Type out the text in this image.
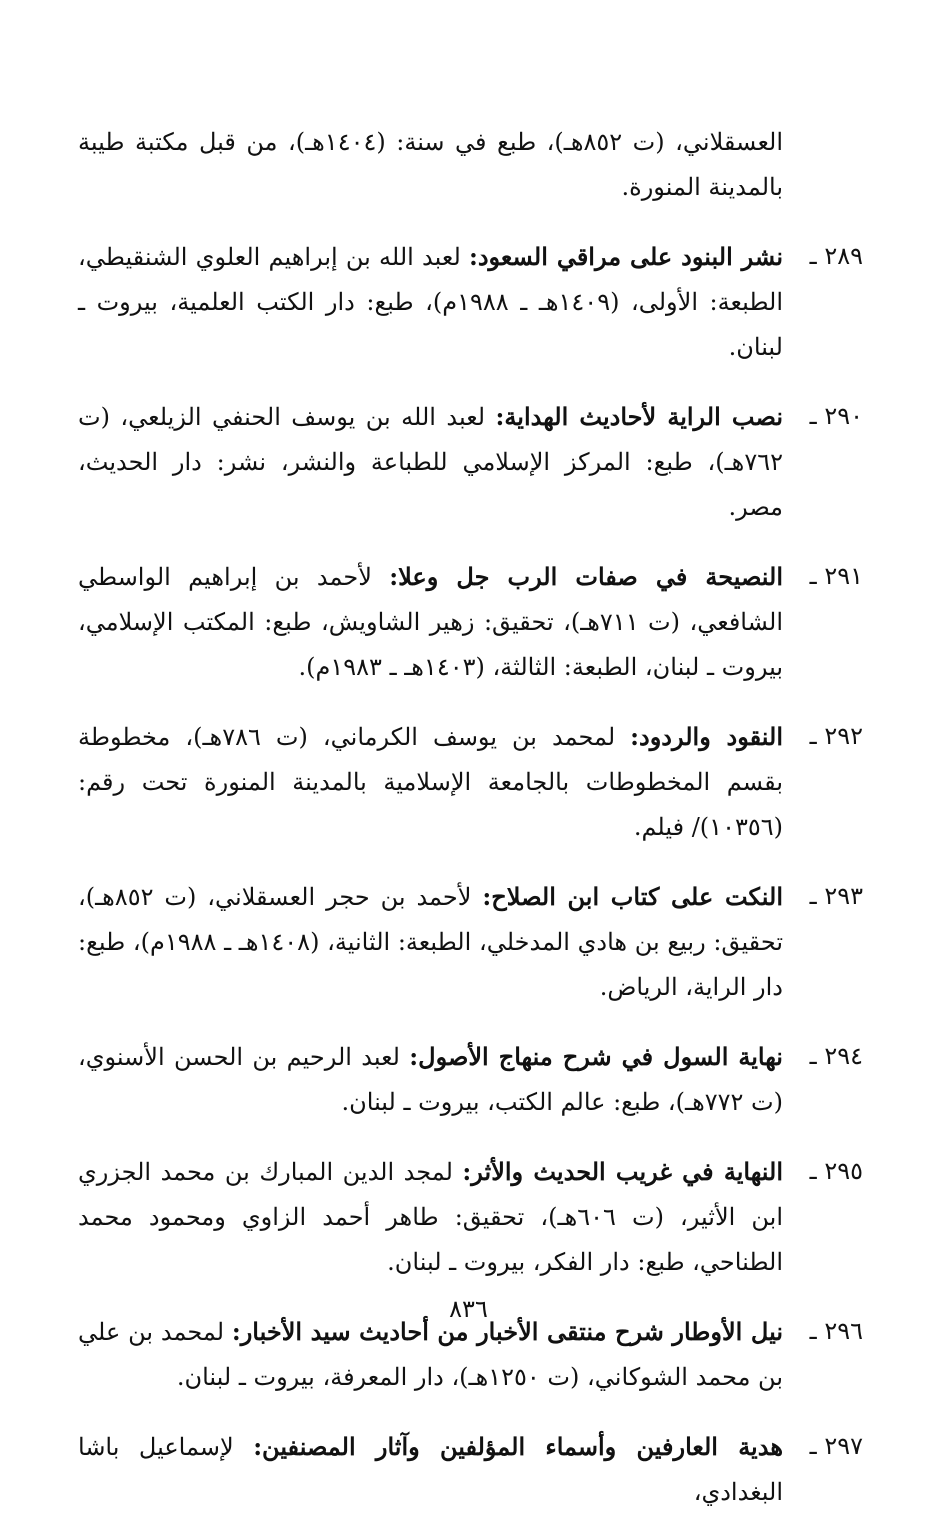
العسقلاني، (ت ٨٥٢هـ)، طبع في سنة: (١٤٠٤هـ)، من قبل مكتبة طيبة بالمدينة المنورة.

٢٨٩ ـ
نشر البنود على مراقي السعود: لعبد الله بن إبراهيم العلوي الشنقيطي، الطبعة: الأولى، (١٤٠٩هـ ـ ١٩٨٨م)، طبع: دار الكتب العلمية، بيروت ـ لبنان.

٢٩٠ ـ
نصب الراية لأحاديث الهداية: لعبد الله بن يوسف الحنفي الزيلعي، (ت ٧٦٢هـ)، طبع: المركز الإسلامي للطباعة والنشر، نشر: دار الحديث، مصر.

٢٩١ ـ
النصيحة في صفات الرب جل وعلا: لأحمد بن إبراهيم الواسطي الشافعي، (ت ٧١١هـ)، تحقيق: زهير الشاويش، طبع: المكتب الإسلامي، بيروت ـ لبنان، الطبعة: الثالثة، (١٤٠٣هـ ـ ١٩٨٣م).

٢٩٢ ـ
النقود والردود: لمحمد بن يوسف الكرماني، (ت ٧٨٦هـ)، مخطوطة بقسم المخطوطات بالجامعة الإسلامية بالمدينة المنورة تحت رقم: (١٠٣٥٦)/ فيلم.

٢٩٣ ـ
النكت على كتاب ابن الصلاح: لأحمد بن حجر العسقلاني، (ت ٨٥٢هـ)، تحقيق: ربيع بن هادي المدخلي، الطبعة: الثانية، (١٤٠٨هـ ـ ١٩٨٨م)، طبع: دار الراية، الرياض.

٢٩٤ ـ
نهاية السول في شرح منهاج الأصول: لعبد الرحيم بن الحسن الأسنوي، (ت ٧٧٢هـ)، طبع: عالم الكتب، بيروت ـ لبنان.

٢٩٥ ـ
النهاية في غريب الحديث والأثر: لمجد الدين المبارك بن محمد الجزري ابن الأثير، (ت ٦٠٦هـ)، تحقيق: طاهر أحمد الزاوي ومحمود محمد الطناحي، طبع: دار الفكر، بيروت ـ لبنان.

٢٩٦ ـ
نيل الأوطار شرح منتقى الأخبار من أحاديث سيد الأخبار: لمحمد بن علي بن محمد الشوكاني، (ت ١٢٥٠هـ)، دار المعرفة، بيروت ـ لبنان.

٢٩٧ ـ
هدية العارفين وأسماء المؤلفين وآثار المصنفين: لإسماعيل باشا البغدادي،

٨٣٦
